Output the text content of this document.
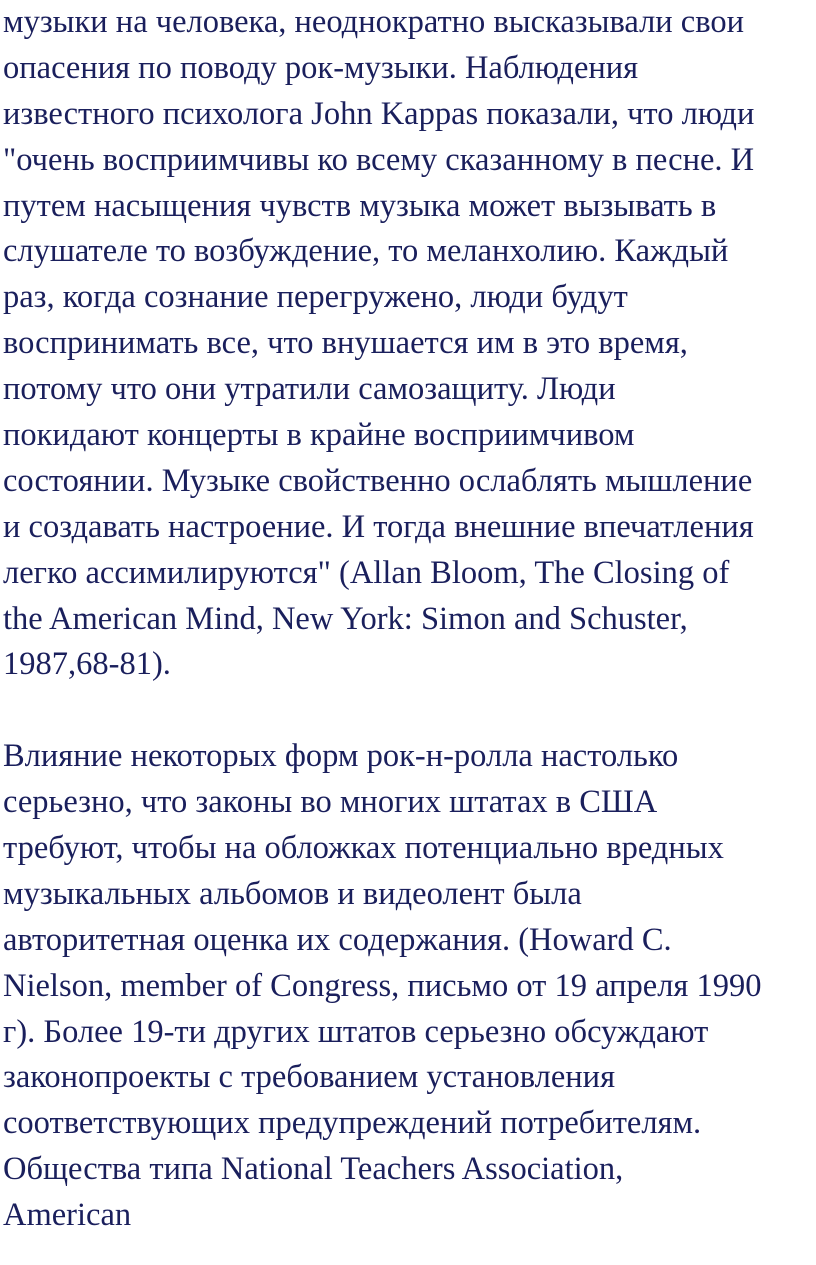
музыки на человека, неоднократно высказывали свои
опасения по поводу рок-музыки. Наблюдения
известного психолога John Kappas показали, что люди
"очень восприимчивы ко всему сказанному в песне. И
путем насыщения чувств музыка может вызывать в
слушателе то возбуждение, то меланхолию. Каждый
раз, когда сознание перегружено, люди будут
воспринимать все, что внушается им в это время,
потому что они утратили самозащиту. Люди
покидают концерты в крайне восприимчивом
состоянии. Музыке свойственно ослаблять мышление
и создавать настроение. И тогда внешние впечатления
легко ассимилируются" (Allan Bloom, The Closing of
the American Mind, New York: Simon and Schuster,
1987,68-81).
Влияние некоторых форм рок-н-ролла настолько
серьезно, что законы во многих штатах в США
требуют, чтобы на обложках потенциально вредных
музыкальных альбомов и видеолент была
авторитетная оценка их содержания. (Howard C.
Nielson, member of Congress, письмо от 19 апреля 1990
г). Более 19-ти других штатов серьезно обсуждают
законопроекты с требованием установления
соответствующих предупреждений потребителям.
Общества типа National Teachers Association,
American
